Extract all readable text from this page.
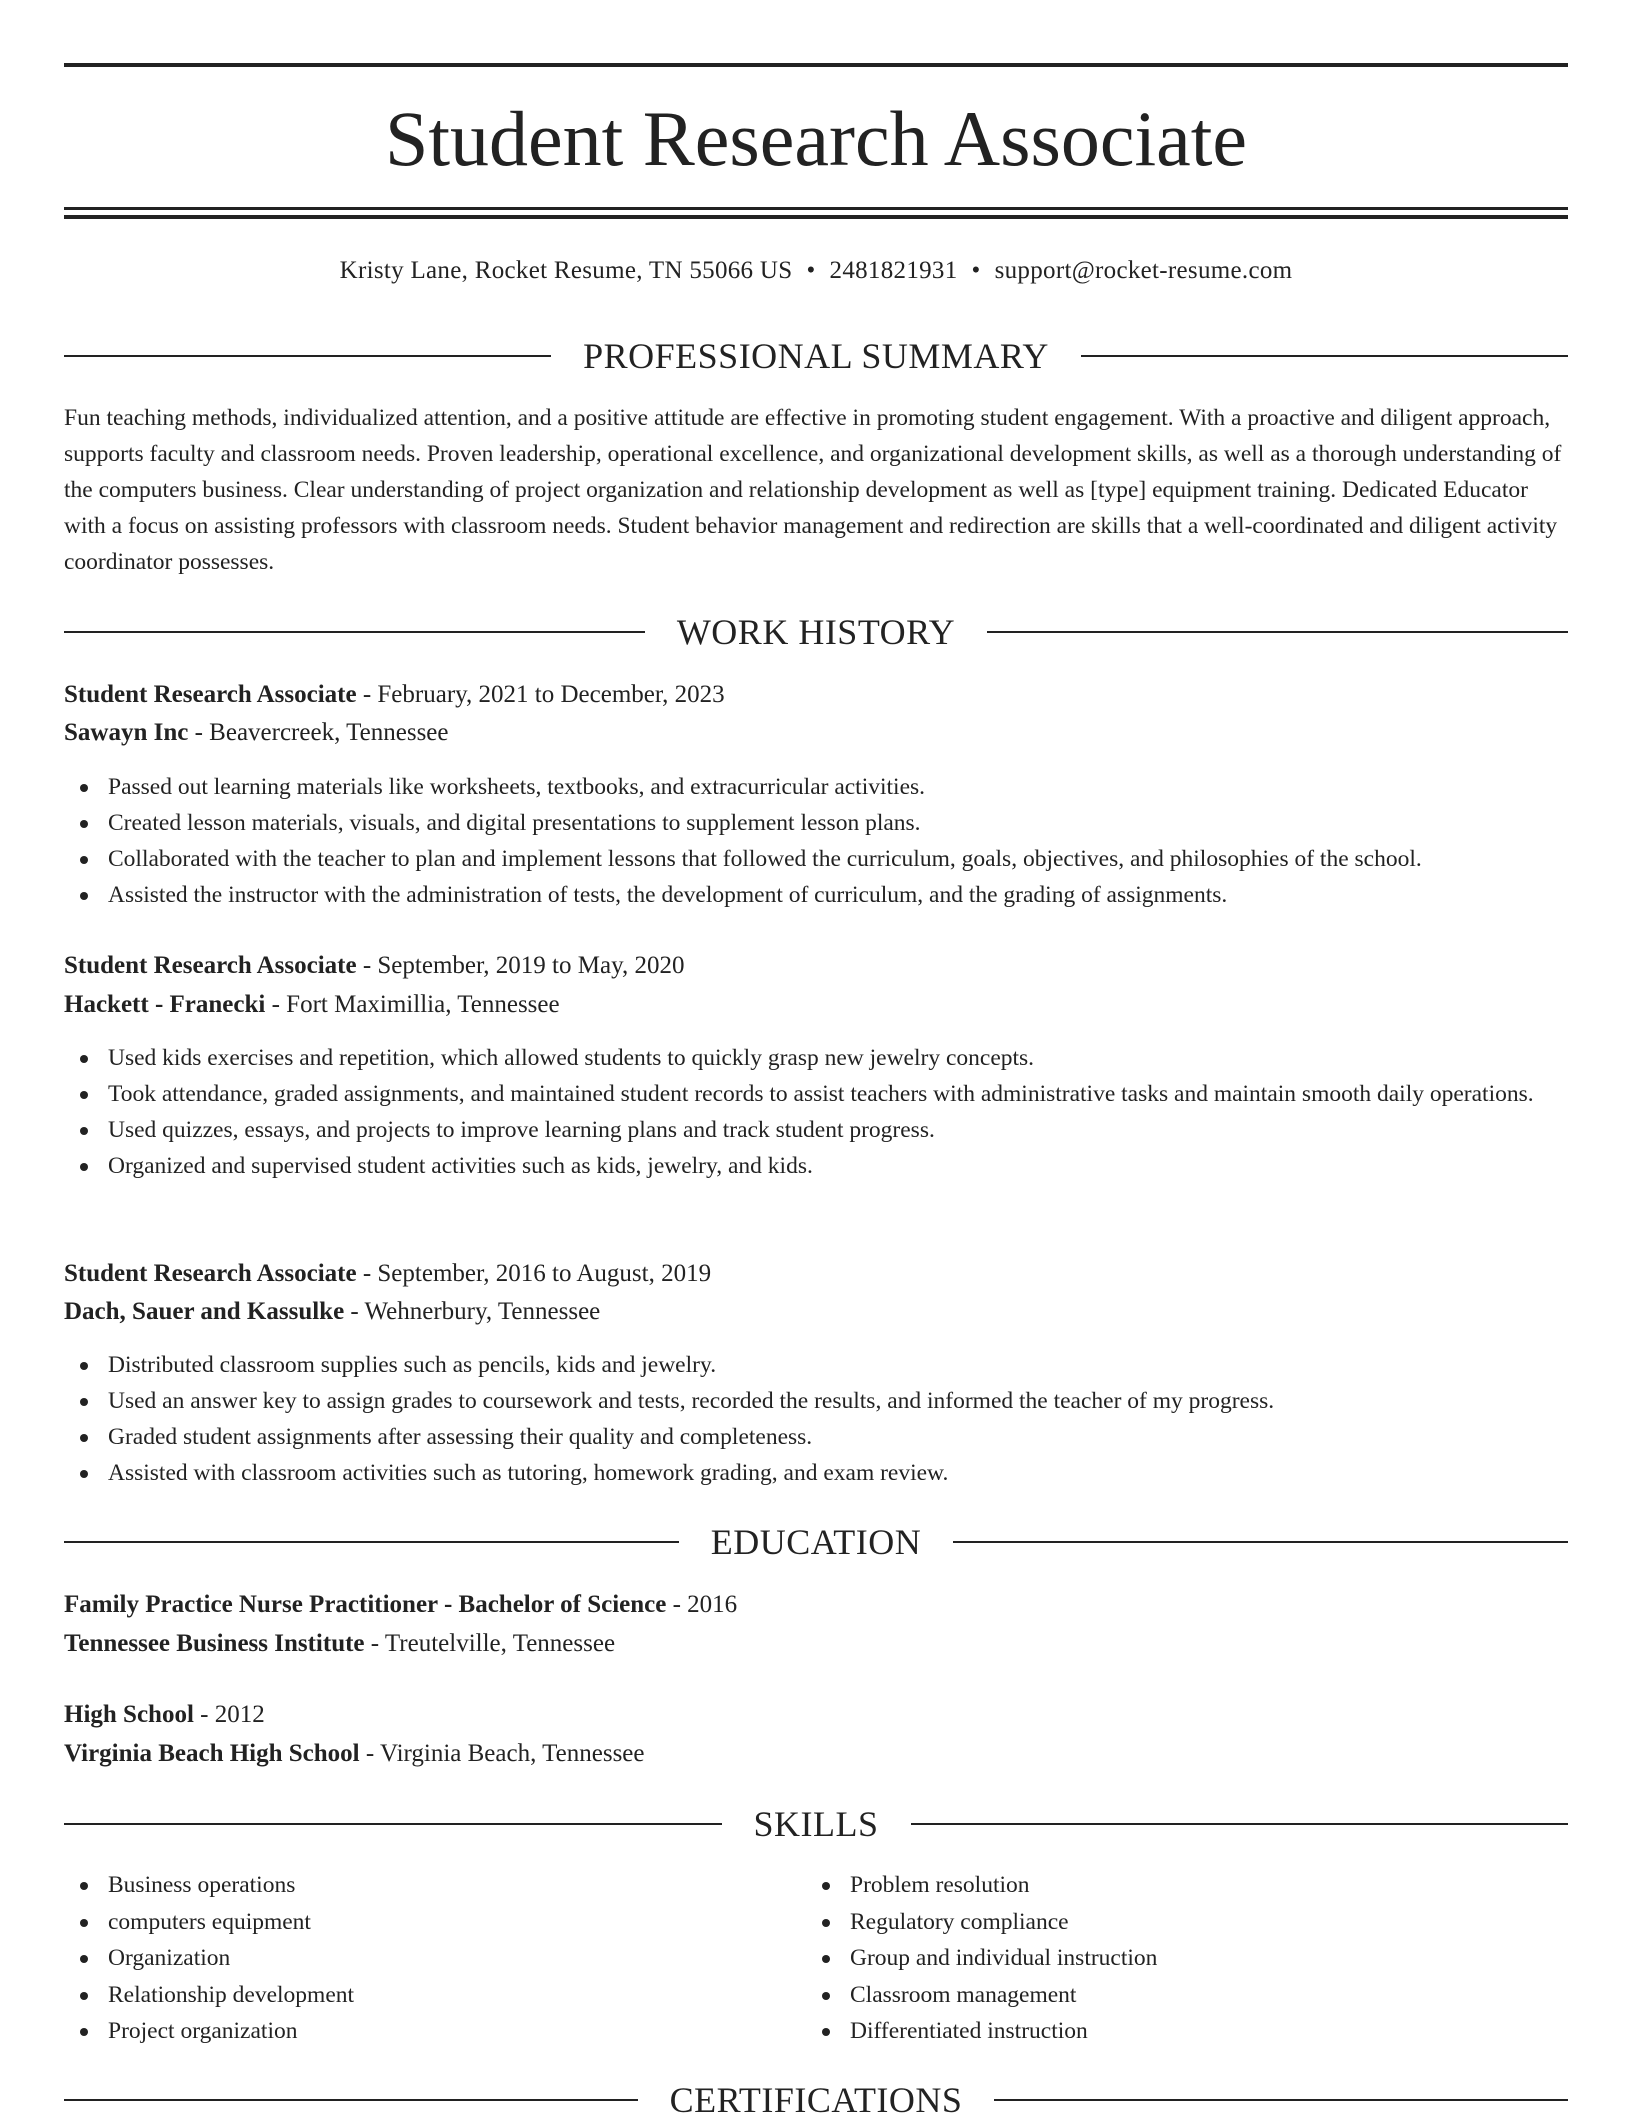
Student Research Associate
Kristy Lane, Rocket Resume, TN 55066 US • 2481821931 • support@rocket-resume.com
PROFESSIONAL SUMMARY

Fun teaching methods, individualized attention, and a positive attitude are effective in promoting student engagement. With a proactive and diligent approach, supports faculty and classroom needs. Proven leadership, operational excellence, and organizational development skills, as well as a thorough understanding of the computers business. Clear understanding of project organization and relationship development as well as [type] equipment training. Dedicated Educator with a focus on assisting professors with classroom needs. Student behavior management and redirection are skills that a well-coordinated and diligent activity coordinator possesses.

WORK HISTORY
Student Research Associate - February, 2021 to December, 2023
Sawayn Inc - Beavercreek, Tennessee
Passed out learning materials like worksheets, textbooks, and extracurricular activities.
Created lesson materials, visuals, and digital presentations to supplement lesson plans.
Collaborated with the teacher to plan and implement lessons that followed the curriculum, goals, objectives, and philosophies of the school.
Assisted the instructor with the administration of tests, the development of curriculum, and the grading of assignments.
Student Research Associate - September, 2019 to May, 2020
Hackett - Franecki - Fort Maximillia, Tennessee
Used kids exercises and repetition, which allowed students to quickly grasp new jewelry concepts.
Took attendance, graded assignments, and maintained student records to assist teachers with administrative tasks and maintain smooth daily operations.
Used quizzes, essays, and projects to improve learning plans and track student progress.
Organized and supervised student activities such as kids, jewelry, and kids.
Student Research Associate - September, 2016 to August, 2019
Dach, Sauer and Kassulke - Wehnerbury, Tennessee
Distributed classroom supplies such as pencils, kids and jewelry.
Used an answer key to assign grades to coursework and tests, recorded the results, and informed the teacher of my progress.
Graded student assignments after assessing their quality and completeness.
Assisted with classroom activities such as tutoring, homework grading, and exam review.
EDUCATION
Family Practice Nurse Practitioner - Bachelor of Science - 2016
Tennessee Business Institute - Treutelville, Tennessee
High School - 2012
Virginia Beach High School - Virginia Beach, Tennessee
SKILLS
Business operations
computers equipment
Organization
Relationship development
Project organization
Problem resolution
Regulatory compliance
Group and individual instruction
Classroom management
Differentiated instruction
CERTIFICATIONS
